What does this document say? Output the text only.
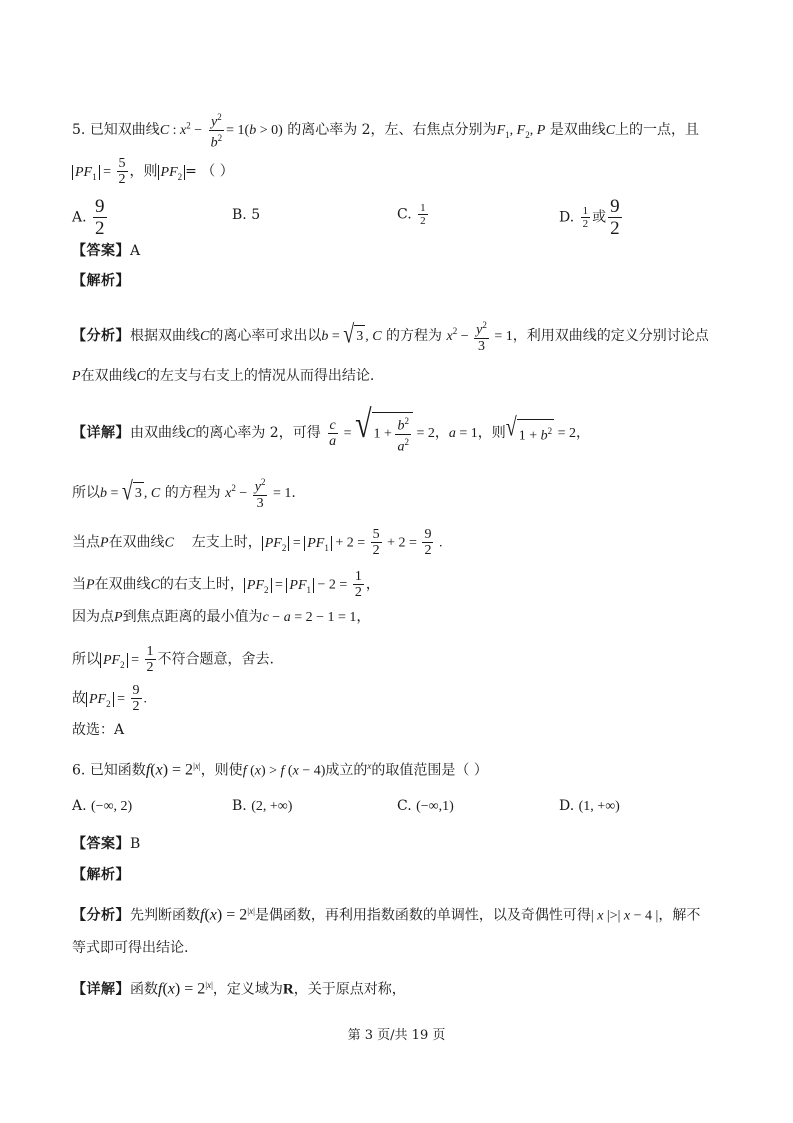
5. 已知双曲线C : $x^2 - \frac{y^2}{b^2} = 1(b > 0)$ 的离心率为 2，左、右焦点分别为$F_1$, $F_2$, P 是双曲线C上的一点，且
$PF_1 = \frac{5}{2}$ ，则 $PF_2$ = （ ）
A. $\frac{9}{2}$	B. 5	C. $\frac{1}{2}$	D. $\frac{1}{2}$ 或 $\frac{9}{2}$
【答案】A
【解析】
【分析】根据双曲线C的离心率可求出以b = √ 3 , C 的方程为 $x^2 - \frac{y^2}{3} = 1$，利用双曲线的定义分别讨论点
P在双曲线C的左支与右支上的情况从而得出结论.
【详解】由双曲线C的离心率为 2，可得 $\frac{c}{a}$ = √ $1 + \frac{b^2}{a^2} = 2$，a = 1，则 √ $1 + b^2 = 2$，
所以b = √ 3 , C 的方程为 $x^2 - \frac{y^2}{3} = 1$.
当点P在双曲线C 左支上时， $PF_2 = PF_1 + 2 = \frac{5}{2} + 2 = \frac{9}{2}$ .
当P在双曲线C的右支上时， $PF_2 = PF_1 - 2 = \frac{1}{2}$ ，
因为点P到焦点距离的最小值为c − a = 2 − 1 = 1，
所以 $PF_2 = \frac{1}{2}$ 不符合题意，舍去.
故 $PF_2 = \frac{9}{2}$ .
故选：A
6. 已知函数$f(x) = 2^{|x|}$，则使f (x) > f (x − 4)成立的$^x$的取值范围是（ ）
A. (−∞, 2)	B. (2, +∞)	C. (−∞,1)	D. (1, +∞)
【答案】B
【解析】
【分析】先判断函数$f(x) = 2^{|x|}$是偶函数，再利用指数函数的单调性，以及奇偶性可得| x |>| x − 4 |，解不
等式即可得出结论.
【详解】函数$f(x) = 2^{|x|}$，定义域为R，关于原点对称，
第 3 页/共 19 页
